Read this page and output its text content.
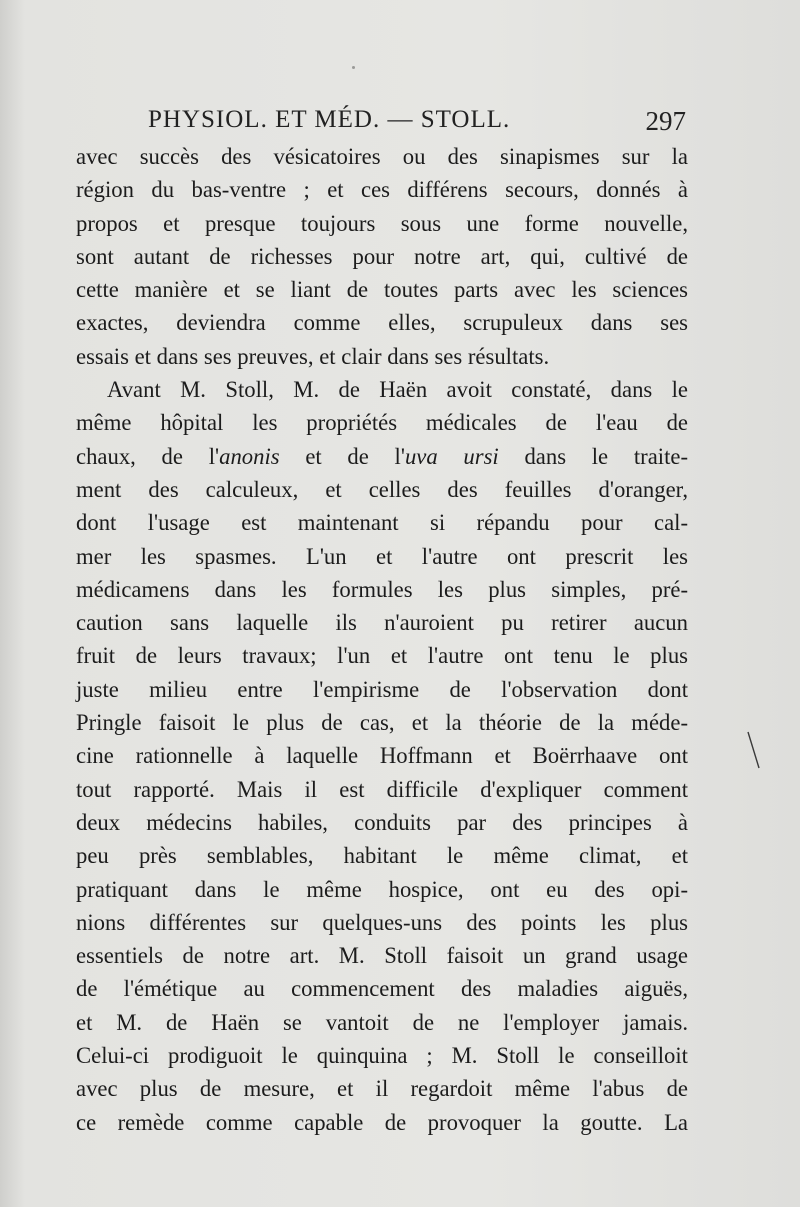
PHYSIOL. ET MÉD. — STOLL.	297
avec succès des vésicatoires ou des sinapismes sur la
région du bas-ventre ; et ces différens secours, donnés à
propos et presque toujours sous une forme nouvelle,
sont autant de richesses pour notre art, qui, cultivé de
cette manière et se liant de toutes parts avec les sciences
exactes, deviendra comme elles, scrupuleux dans ses
essais et dans ses preuves, et clair dans ses résultats.
Avant M. Stoll, M. de Haën avoit constaté, dans le
même hôpital les propriétés médicales de l'eau de
chaux, de l'anonis et de l'uva ursi dans le traite-
ment des calculeux, et celles des feuilles d'oranger,
dont l'usage est maintenant si répandu pour cal-
mer les spasmes. L'un et l'autre ont prescrit les
médicamens dans les formules les plus simples, pré-
caution sans laquelle ils n'auroient pu retirer aucun
fruit de leurs travaux; l'un et l'autre ont tenu le plus
juste milieu entre l'empirisme de l'observation dont
Pringle faisoit le plus de cas, et la théorie de la méde-
cine rationnelle à laquelle Hoffmann et Boërrhaave ont
tout rapporté. Mais il est difficile d'expliquer comment
deux médecins habiles, conduits par des principes à
peu près semblables, habitant le même climat, et
pratiquant dans le même hospice, ont eu des opi-
nions différentes sur quelques-uns des points les plus
essentiels de notre art. M. Stoll faisoit un grand usage
de l'émétique au commencement des maladies aiguës,
et M. de Haën se vantoit de ne l'employer jamais.
Celui-ci prodiguoit le quinquina ; M. Stoll le conseilloit
avec plus de mesure, et il regardoit même l'abus de
ce remède comme capable de provoquer la goutte. La
